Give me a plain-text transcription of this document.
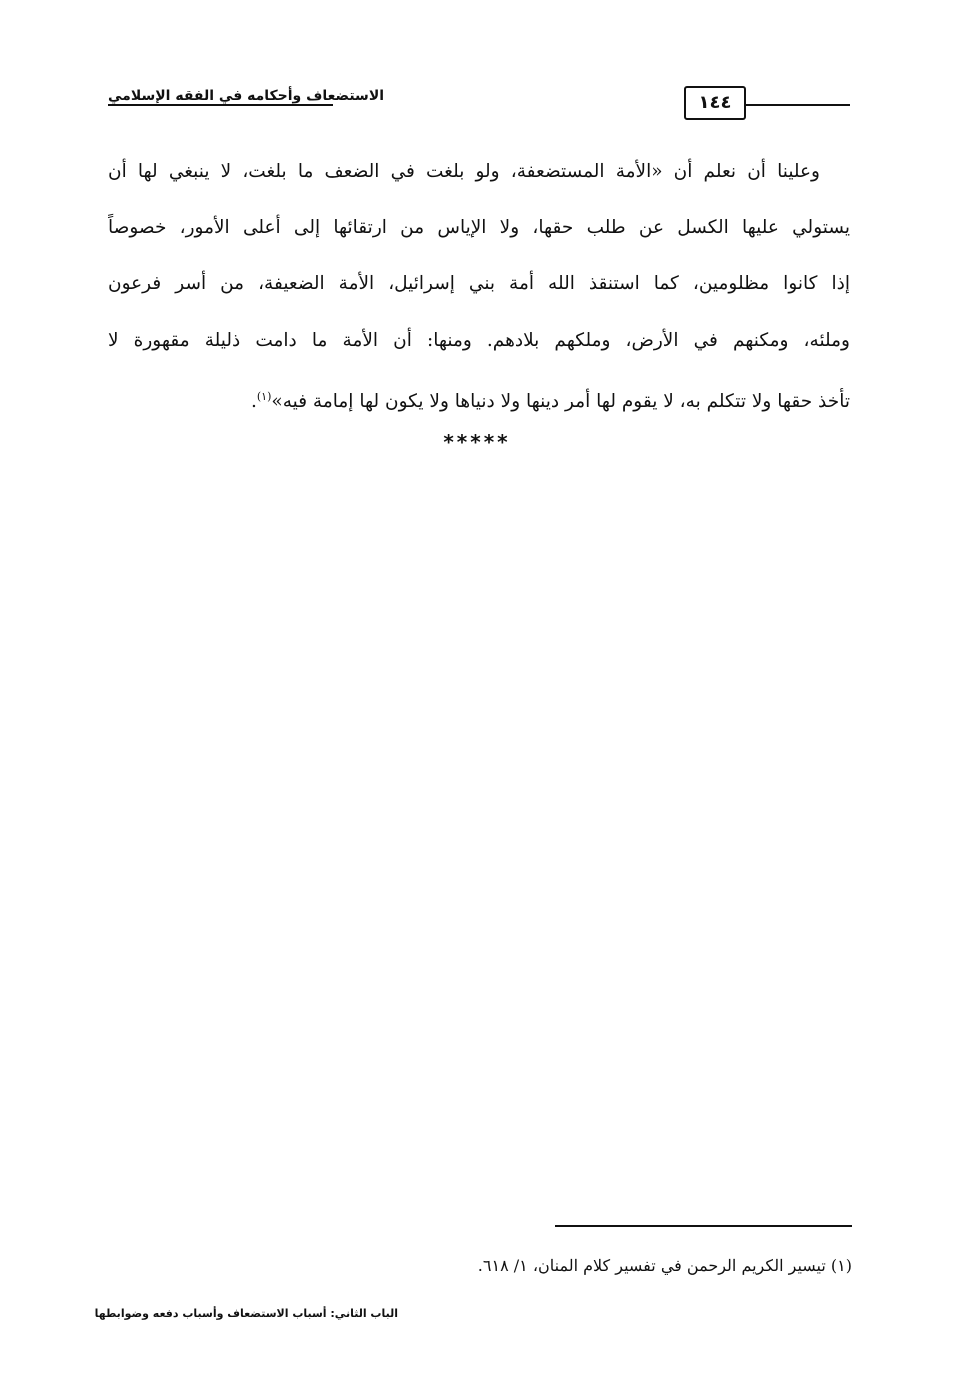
الاستضعاف وأحكامه في الفقه الإسلامي	١٤٤
وعلينا أن نعلم أن «الأمة المستضعفة، ولو بلغت في الضعف ما بلغت، لا ينبغي لها أن
يستولي عليها الكسل عن طلب حقها، ولا الإياس من ارتقائها إلى أعلى الأمور، خصوصاً
إذا كانوا مظلومين، كما استنقذ الله أمة بني إسرائيل، الأمة الضعيفة، من أسر فرعون
وملئه، ومكنهم في الأرض، وملكهم بلادهم. ومنها: أن الأمة ما دامت ذليلة مقهورة لا
تأخذ حقها ولا تتكلم به، لا يقوم لها أمر دينها ولا دنياها ولا يكون لها إمامة فيه»$^{(١)}$.
*****
(١) تيسير الكريم الرحمن في تفسير كلام المنان، ١/ ٦١٨.
الباب الثاني: أسباب الاستضعاف وأسباب دفعه وضوابطها
